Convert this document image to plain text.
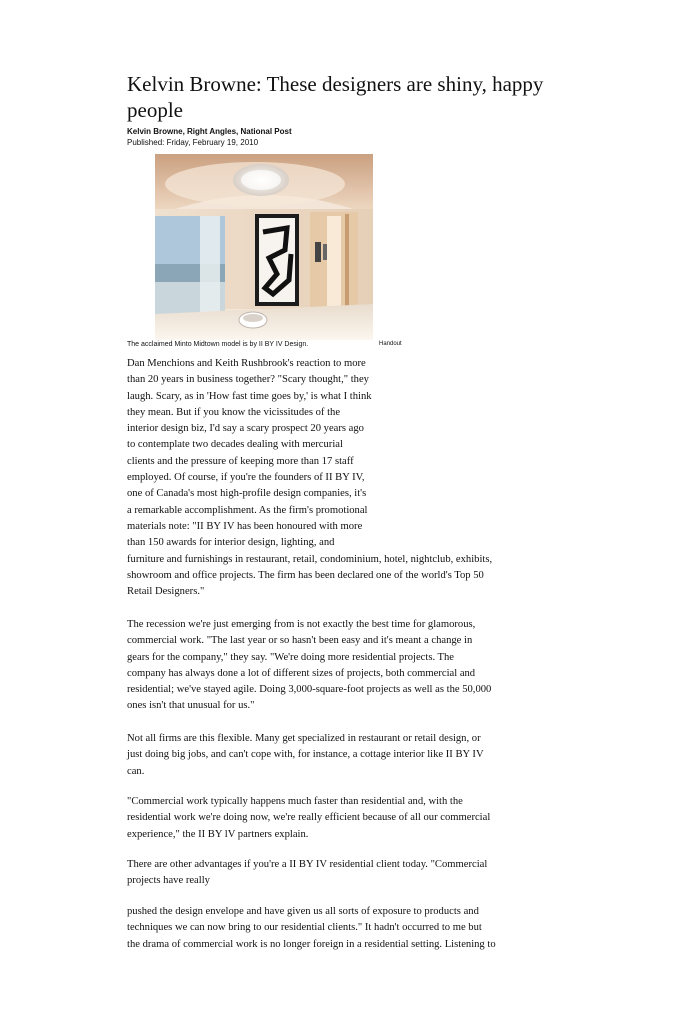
Kelvin Browne: These designers are shiny, happy people
Kelvin Browne, Right Angles, National Post
Published: Friday, February 19, 2010
The acclaimed Minto Midtown model is by II BY IV Design.	Handout
Dan Menchions and Keith Rushbrook's reaction to more
than 20 years in business together? "Scary thought," they
laugh. Scary, as in 'How fast time goes by,' is what I think
they mean. But if you know the vicissitudes of the
interior design biz, I'd say a scary prospect 20 years ago
to contemplate two decades dealing with mercurial
clients and the pressure of keeping more than 17 staff
employed. Of course, if you're the founders of II BY IV,
one of Canada's most high-profile design companies, it's
a remarkable accomplishment. As the firm's promotional
materials note: "II BY IV has been honoured with more
than 150 awards for interior design, lighting, and
furniture and furnishings in restaurant, retail, condominium, hotel, nightclub, exhibits,
showroom and office projects. The firm has been declared one of the world's Top 50
Retail Designers."
The recession we're just emerging from is not exactly the best time for glamorous,
commercial work. "The last year or so hasn't been easy and it's meant a change in
gears for the company," they say. "We're doing more residential projects. The
company has always done a lot of different sizes of projects, both commercial and
residential; we've stayed agile. Doing 3,000-square-foot projects as well as the 50,000
ones isn't that unusual for us."
Not all firms are this flexible. Many get specialized in restaurant or retail design, or
just doing big jobs, and can't cope with, for instance, a cottage interior like II BY IV
can.
"Commercial work typically happens much faster than residential and, with the
residential work we're doing now, we're really efficient because of all our commercial
experience," the II BY lV partners explain.
There are other advantages if you're a II BY IV residential client today. "Commercial
projects have really
pushed the design envelope and have given us all sorts of exposure to products and
techniques we can now bring to our residential clients." It hadn't occurred to me but
the drama of commercial work is no longer foreign in a residential setting. Listening to
